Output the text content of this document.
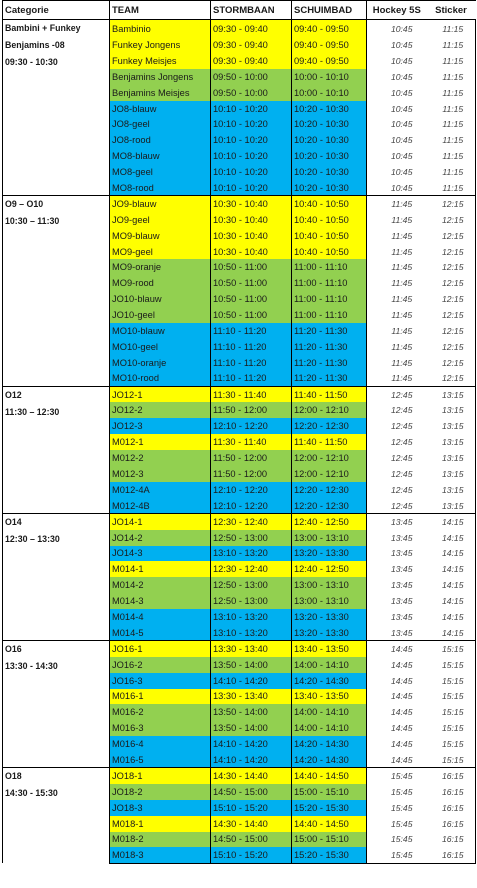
Categorie	TEAM	STORMBAAN	SCHUIMBAD	Hockey 5S	Sticker

Bambini + Funkey
Benjamins -08
09:30 - 10:30	Bambinio	09:30 - 09:40	09:40 - 09:50	10:45	11:15
	Funkey Jongens	09:30 - 09:40	09:40 - 09:50	10:45	11:15
	Funkey Meisjes	09:30 - 09:40	09:40 - 09:50	10:45	11:15
	Benjamins Jongens	09:50 - 10:00	10:00 - 10:10	10:45	11:15
	Benjamins Meisjes	09:50 - 10:00	10:00 - 10:10	10:45	11:15
	JO8-blauw	10:10 - 10:20	10:20 - 10:30	10:45	11:15
	JO8-geel	10:10 - 10:20	10:20 - 10:30	10:45	11:15
	JO8-rood	10:10 - 10:20	10:20 - 10:30	10:45	11:15
	MO8-blauw	10:10 - 10:20	10:20 - 10:30	10:45	11:15
	MO8-geel	10:10 - 10:20	10:20 - 10:30	10:45	11:15
	MO8-rood	10:10 - 10:20	10:20 - 10:30	10:45	11:15

O9 – O10
10:30 – 11:30	JO9-blauw	10:30 - 10:40	10:40 - 10:50	11:45	12:15
	JO9-geel	10:30 - 10:40	10:40 - 10:50	11:45	12:15
	MO9-blauw	10:30 - 10:40	10:40 - 10:50	11:45	12:15
	MO9-geel	10:30 - 10:40	10:40 - 10:50	11:45	12:15
	MO9-oranje	10:50 - 11:00	11:00 - 11:10	11:45	12:15
	MO9-rood	10:50 - 11:00	11:00 - 11:10	11:45	12:15
	JO10-blauw	10:50 - 11:00	11:00 - 11:10	11:45	12:15
	JO10-geel	10:50 - 11:00	11:00 - 11:10	11:45	12:15
	MO10-blauw	11:10 - 11:20	11:20 - 11:30	11:45	12:15
	MO10-geel	11:10 - 11:20	11:20 - 11:30	11:45	12:15
	MO10-oranje	11:10 - 11:20	11:20 - 11:30	11:45	12:15
	MO10-rood	11:10 - 11:20	11:20 - 11:30	11:45	12:15

O12
11:30 – 12:30	JO12-1	11:30 - 11:40	11:40 - 11:50	12:45	13:15
	JO12-2	11:50 - 12:00	12:00 - 12:10	12:45	13:15
	JO12-3	12:10 - 12:20	12:20 - 12:30	12:45	13:15
	M012-1	11:30 - 11:40	11:40 - 11:50	12:45	13:15
	M012-2	11:50 - 12:00	12:00 - 12:10	12:45	13:15
	M012-3	11:50 - 12:00	12:00 - 12:10	12:45	13:15
	M012-4A	12:10 - 12:20	12:20 - 12:30	12:45	13:15
	M012-4B	12:10 - 12:20	12:20 - 12:30	12:45	13:15

O14
12:30 – 13:30	JO14-1	12:30 - 12:40	12:40 - 12:50	13:45	14:15
	JO14-2	12:50 - 13:00	13:00 - 13:10	13:45	14:15
	JO14-3	13:10 - 13:20	13:20 - 13:30	13:45	14:15
	M014-1	12:30 - 12:40	12:40 - 12:50	13:45	14:15
	M014-2	12:50 - 13:00	13:00 - 13:10	13:45	14:15
	M014-3	12:50 - 13:00	13:00 - 13:10	13:45	14:15
	M014-4	13:10 - 13:20	13:20 - 13:30	13:45	14:15
	M014-5	13:10 - 13:20	13:20 - 13:30	13:45	14:15

O16
13:30 - 14:30	JO16-1	13:30 - 13:40	13:40 - 13:50	14:45	15:15
	JO16-2	13:50 - 14:00	14:00 - 14:10	14:45	15:15
	JO16-3	14:10 - 14:20	14:20 - 14:30	14:45	15:15
	M016-1	13:30 - 13:40	13:40 - 13:50	14:45	15:15
	M016-2	13:50 - 14:00	14:00 - 14:10	14:45	15:15
	M016-3	13:50 - 14:00	14:00 - 14:10	14:45	15:15
	M016-4	14:10 - 14:20	14:20 - 14:30	14:45	15:15
	M016-5	14:10 - 14:20	14:20 - 14:30	14:45	15:15

O18
14:30 - 15:30	JO18-1	14:30 - 14:40	14:40 - 14:50	15:45	16:15
	JO18-2	14:50 - 15:00	15:00 - 15:10	15:45	16:15
	JO18-3	15:10 - 15:20	15:20 - 15:30	15:45	16:15
	M018-1	14:30 - 14:40	14:40 - 14:50	15:45	16:15
	M018-2	14:50 - 15:00	15:00 - 15:10	15:45	16:15
	M018-3	15:10 - 15:20	15:20 - 15:30	15:45	16:15
